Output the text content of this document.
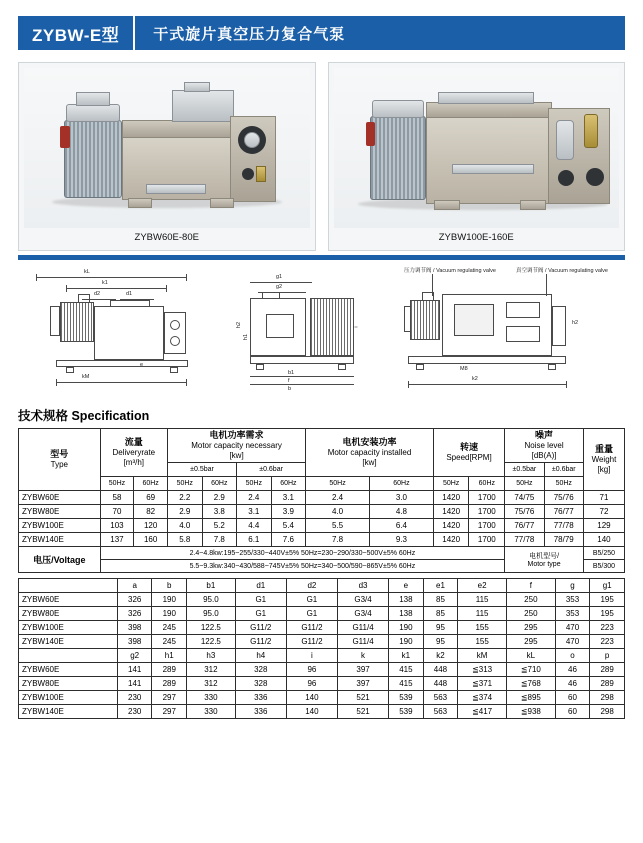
ZYBW-E型	干式旋片真空压力复合气泵
ZYBW60E-80E	ZYBW100E-160E
kL
k1
d2	d1
kM
e
g1
g2
h2
h1
i
b1
f
b
压力调节阀 / Vacuum regulating valve	真空调节阀 / Vacuum regulating valve
M8
k2
h2
技术规格 Specification
型号
Type

流量
Deliveryrate
[m³/h]

电机功率需求
Motor capacity necessary
[kw]

电机安装功率
Motor capacity installed
[kw]

转速
Speed[RPM]

噪声
Noise level
[dB(A)]

重量
Weight
[kg]

			±0.5bar		±0.6bar						±0.5bar	±0.6bar	
	50Hz	60Hz	50Hz	60Hz	50Hz	60Hz	50Hz	60Hz	50Hz	60Hz	50Hz	50Hz	
ZYBW60E	58	69	2.2	2.9	2.4	3.1	2.4	3.0	1420	1700	74/75	75/76	71
ZYBW80E	70	82	2.9	3.8	3.1	3.9	4.0	4.8	1420	1700	75/76	76/77	72
ZYBW100E	103	120	4.0	5.2	4.4	5.4	5.5	6.4	1420	1700	76/77	77/78	129
ZYBW140E	137	160	5.8	7.8	6.1	7.6	7.8	9.3	1420	1700	77/78	78/79	140
电压/Voltage	2.4~4.8kw:195~255/330~440V±5% 50Hz=230~290/330~500V±5% 60Hz										电机型号/
Motor type		B5/250
	5.5~9.3kw:340~430/588~745V±5% 50Hz=340~500/590~865V±5% 60Hz												B5/300
	a	b	b1	d1	d2	d3	e	e1	e2	f	g	g1
ZYBW60E	326	190	95.0	G1	G1	G3/4	138	85	115	250	353	195
ZYBW80E	326	190	95.0	G1	G1	G3/4	138	85	115	250	353	195
ZYBW100E	398	245	122.5	G11/2	G11/2	G11/4	190	95	155	295	470	223
ZYBW140E	398	245	122.5	G11/2	G11/2	G11/4	190	95	155	295	470	223
	g2	h1	h3	h4	i	k	k1	k2	kM	kL	o	p
ZYBW60E	141	289	312	328	96	397	415	448	≦313	≦710	46	289
ZYBW80E	141	289	312	328	96	397	415	448	≦371	≦768	46	289
ZYBW100E	230	297	330	336	140	521	539	563	≦374	≦895	60	298
ZYBW140E	230	297	330	336	140	521	539	563	≦417	≦938	60	298
